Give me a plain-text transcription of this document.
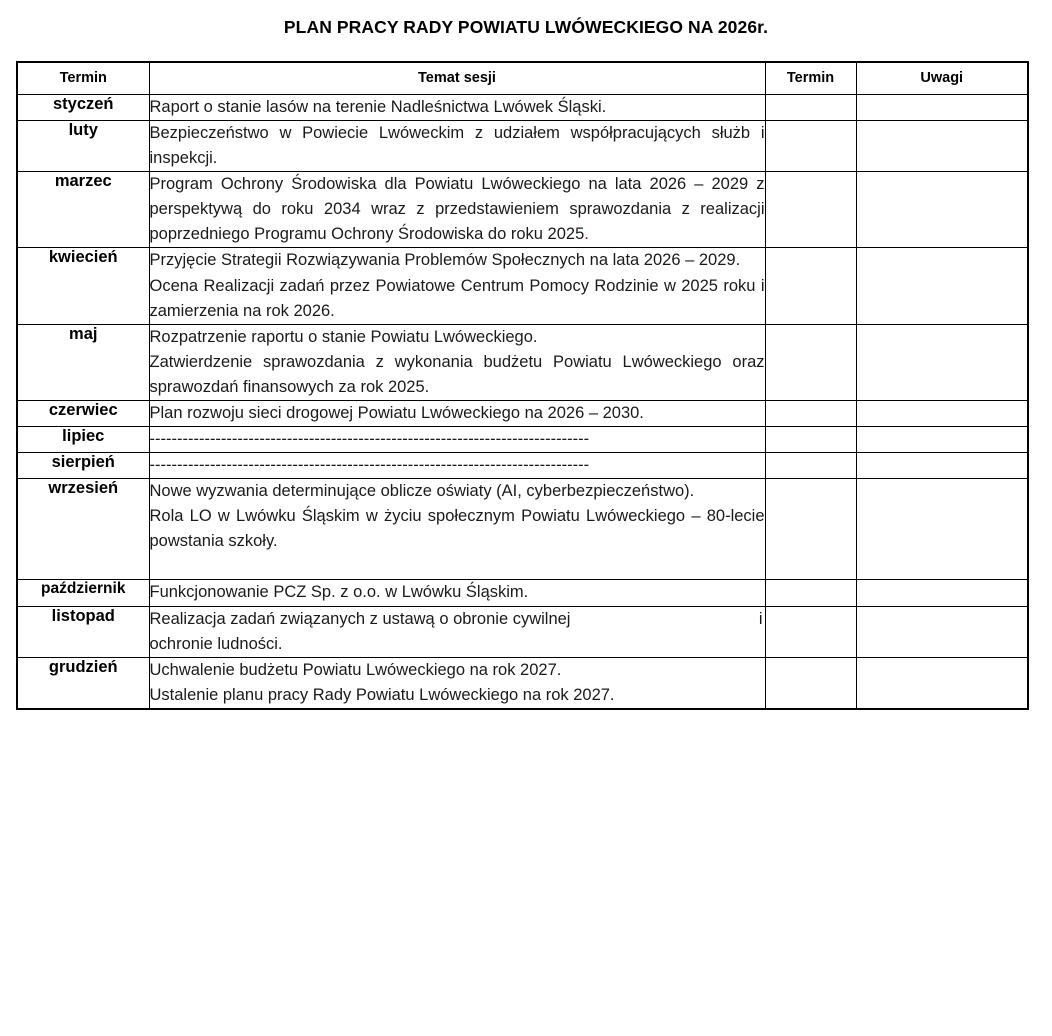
PLAN PRACY RADY POWIATU LWÓWECKIEGO NA 2026r.
Termin	Temat sesji	Termin	Uwagi
styczeń	Raport o stanie lasów na terenie Nadleśnictwa Lwówek Śląski.		

luty	Bezpieczeństwo w Powiecie Lwóweckim z udziałem współpracujących służb i inspekcji.		

marzec	Program Ochrony Środowiska dla Powiatu Lwóweckiego na lata 2026 – 2029 z perspektywą do roku 2034 wraz z przedstawieniem sprawozdania z realizacji poprzedniego Programu Ochrony Środowiska do roku 2025.		

kwiecień	Przyjęcie Strategii Rozwiązywania Problemów Społecznych na lata 2026 – 2029.

Ocena Realizacji zadań przez Powiatowe Centrum Pomocy Rodzinie w 2025 roku i zamierzenia na rok 2026.		

maj	Rozpatrzenie raportu o stanie Powiatu Lwóweckiego.

Zatwierdzenie sprawozdania z wykonania budżetu Powiatu Lwóweckiego oraz sprawozdań finansowych za rok 2025.		

czerwiec	Plan rozwoju sieci drogowej Powiatu Lwóweckiego na 2026 – 2030.		

lipiec	--------------------------------------------------------------------------------		

sierpień	--------------------------------------------------------------------------------		

wrzesień	Nowe wyzwania determinujące oblicze oświaty (AI, cyberbezpieczeństwo).

Rola LO w Lwówku Śląskim w życiu społecznym Powiatu Lwóweckiego – 80-lecie powstania szkoły.		

październik	Funkcjonowanie PCZ Sp. z o.o. w Lwówku Śląskim.		

listopad	Realizacja zadań związanych z ustawą o obronie cywilnej i

ochronie ludności.		

grudzień	Uchwalenie budżetu Powiatu Lwóweckiego na rok 2027.

Ustalenie planu pracy Rady Powiatu Lwóweckiego na rok 2027.		
